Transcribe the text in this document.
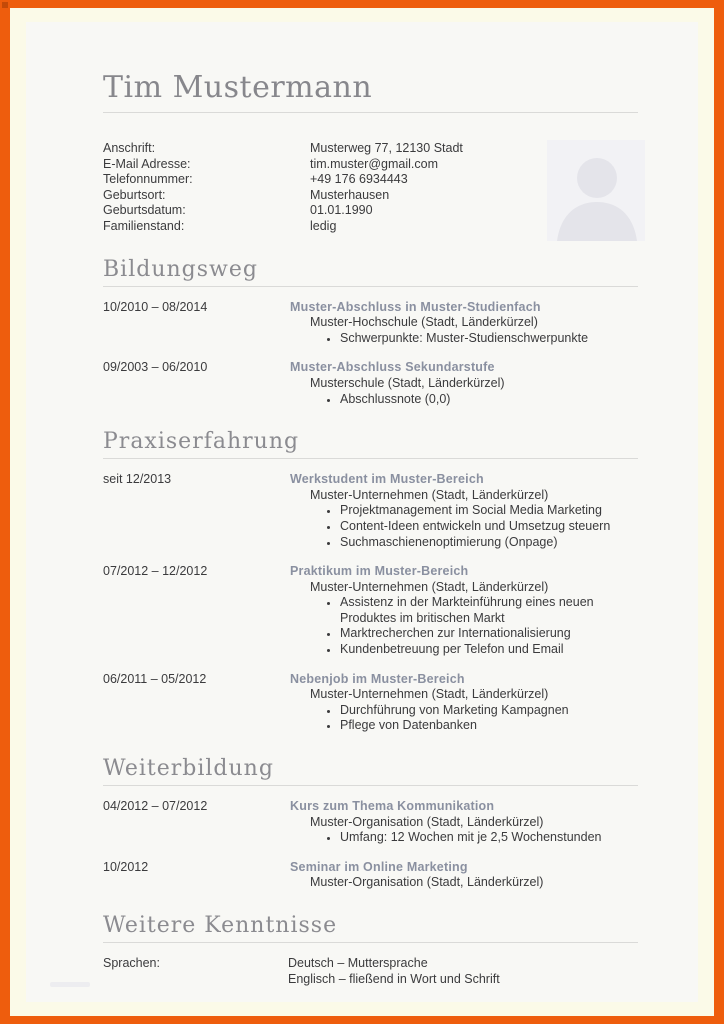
Tim Mustermann
Anschrift:	Musterweg 77, 12130 Stadt
E-Mail Adresse:	tim.muster@gmail.com
Telefonnummer:	+49 176 6934443
Geburtsort:	Musterhausen
Geburtsdatum:	01.01.1990
Familienstand:	ledig
Bildungsweg
10/2010 – 08/2014	Muster-Abschluss in Muster-Studienfach
Muster-Hochschule (Stadt, Länderkürzel)
• Schwerpunkte: Muster-Studienschwerpunkte
09/2003 – 06/2010	Muster-Abschluss Sekundarstufe
Musterschule (Stadt, Länderkürzel)
• Abschlussnote (0,0)
Praxiserfahrung
seit 12/2013	Werkstudent im Muster-Bereich
Muster-Unternehmen (Stadt, Länderkürzel)
• Projektmanagement im Social Media Marketing
• Content-Ideen entwickeln und Umsetzug steuern
• Suchmaschienenoptimierung (Onpage)
07/2012 – 12/2012	Praktikum im Muster-Bereich
Muster-Unternehmen (Stadt, Länderkürzel)
• Assistenz in der Markteinführung eines neuen Produktes im britischen Markt
• Marktrecherchen zur Internationalisierung
• Kundenbetreuung per Telefon und Email
06/2011 – 05/2012	Nebenjob im Muster-Bereich
Muster-Unternehmen (Stadt, Länderkürzel)
• Durchführung von Marketing Kampagnen
• Pflege von Datenbanken
Weiterbildung
04/2012 – 07/2012	Kurs zum Thema Kommunikation
Muster-Organisation (Stadt, Länderkürzel)
• Umfang: 12 Wochen mit je 2,5 Wochenstunden
10/2012	Seminar im Online Marketing
Muster-Organisation (Stadt, Länderkürzel)
Weitere Kenntnisse
Sprachen:	Deutsch – Muttersprache
Englisch – fließend in Wort und Schrift
